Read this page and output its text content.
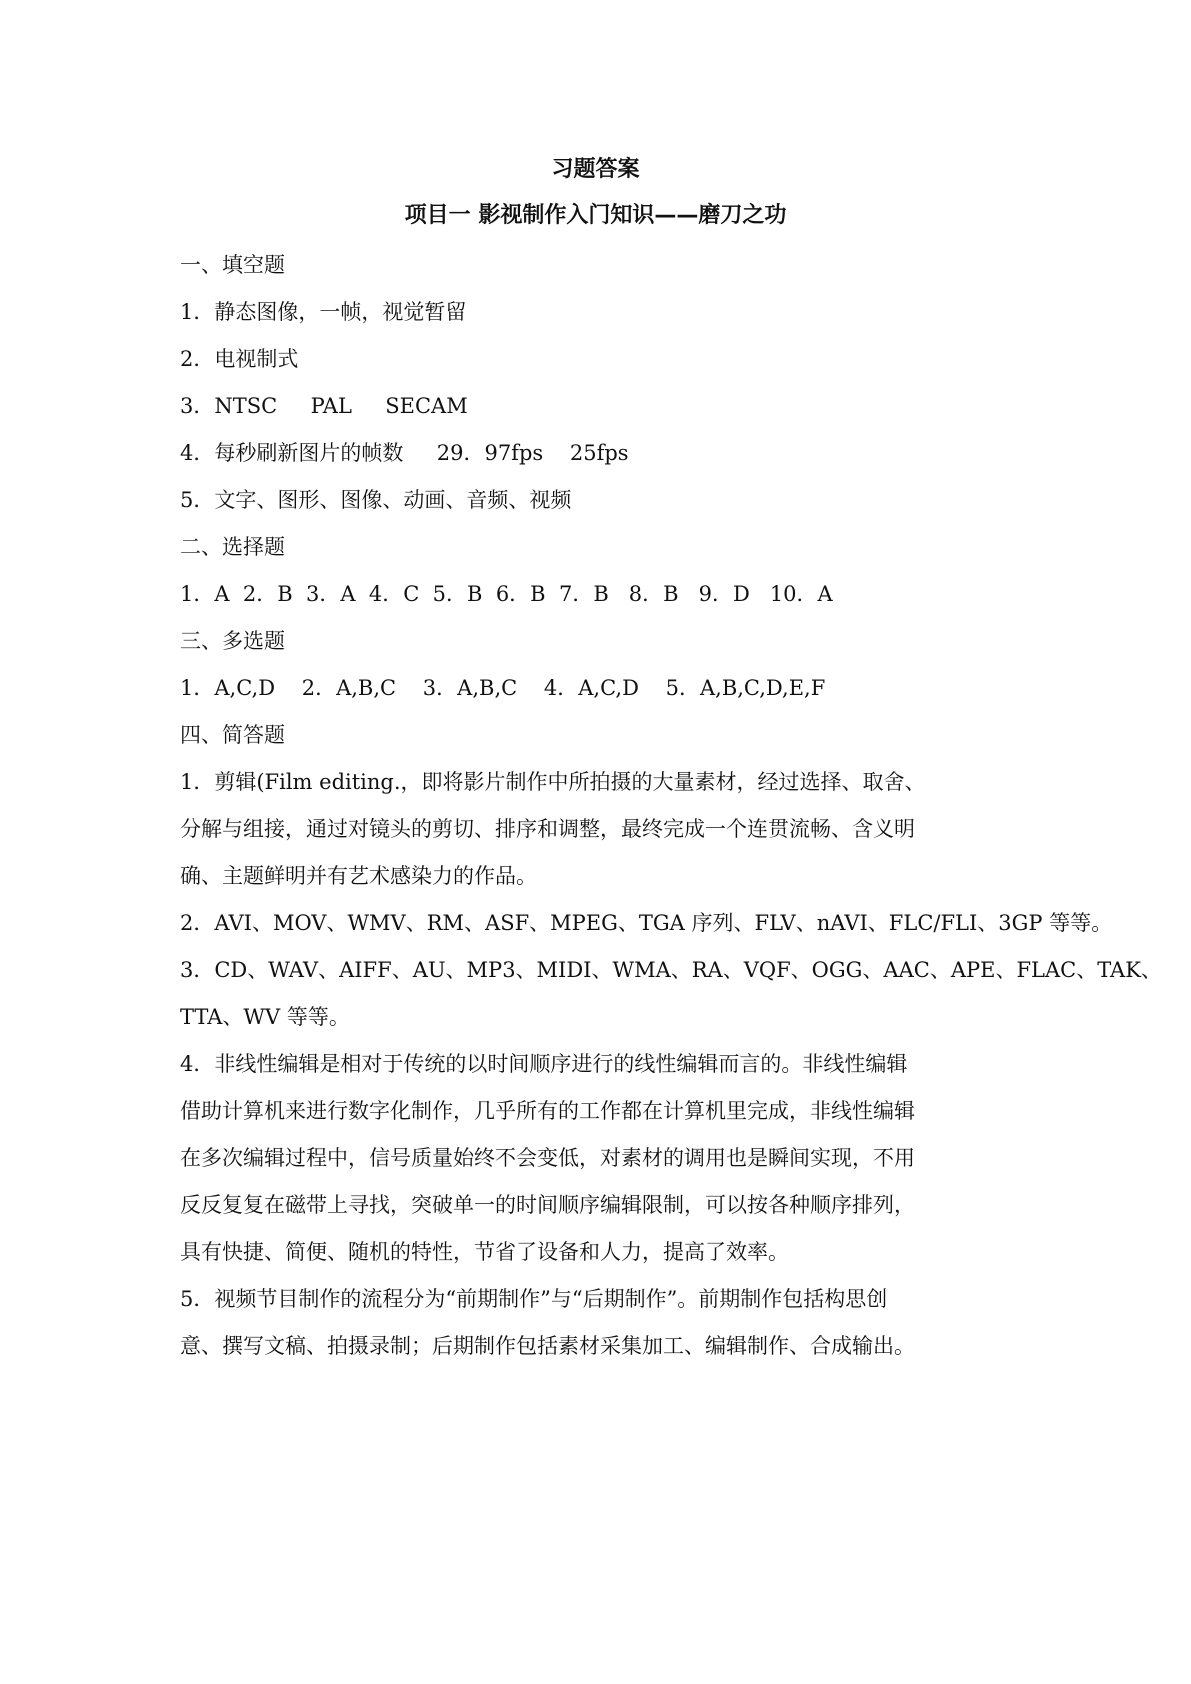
习题答案
项目一 影视制作入门知识——磨刀之功
一、填空题
1．静态图像，一帧，视觉暂留
2．电视制式
3．NTSC     PAL     SECAM
4．每秒刷新图片的帧数     29．97fps    25fps
5．文字、图形、图像、动画、音频、视频
二、选择题
1．A  2．B  3．A  4．C  5．B  6．B  7．B   8．B   9．D   10．A
三、多选题
1．A,C,D    2．A,B,C    3．A,B,C    4．A,C,D    5．A,B,C,D,E,F
四、简答题
1．剪辑(Film editing.，即将影片制作中所拍摄的大量素材，经过选择、取舍、
分解与组接，通过对镜头的剪切、排序和调整，最终完成一个连贯流畅、含义明
确、主题鲜明并有艺术感染力的作品。
2．AVI、MOV、WMV、RM、ASF、MPEG、TGA 序列、FLV、nAVI、FLC/FLI、3GP 等等。
3．CD、WAV、AIFF、AU、MP3、MIDI、WMA、RA、VQF、OGG、AAC、APE、FLAC、TAK、
TTA、WV 等等。
4．非线性编辑是相对于传统的以时间顺序进行的线性编辑而言的。非线性编辑
借助计算机来进行数字化制作，几乎所有的工作都在计算机里完成，非线性编辑
在多次编辑过程中，信号质量始终不会变低，对素材的调用也是瞬间实现，不用
反反复复在磁带上寻找，突破单一的时间顺序编辑限制，可以按各种顺序排列，
具有快捷、简便、随机的特性，节省了设备和人力，提高了效率。
5．视频节目制作的流程分为“前期制作”与“后期制作”。前期制作包括构思创
意、撰写文稿、拍摄录制；后期制作包括素材采集加工、编辑制作、合成输出。
